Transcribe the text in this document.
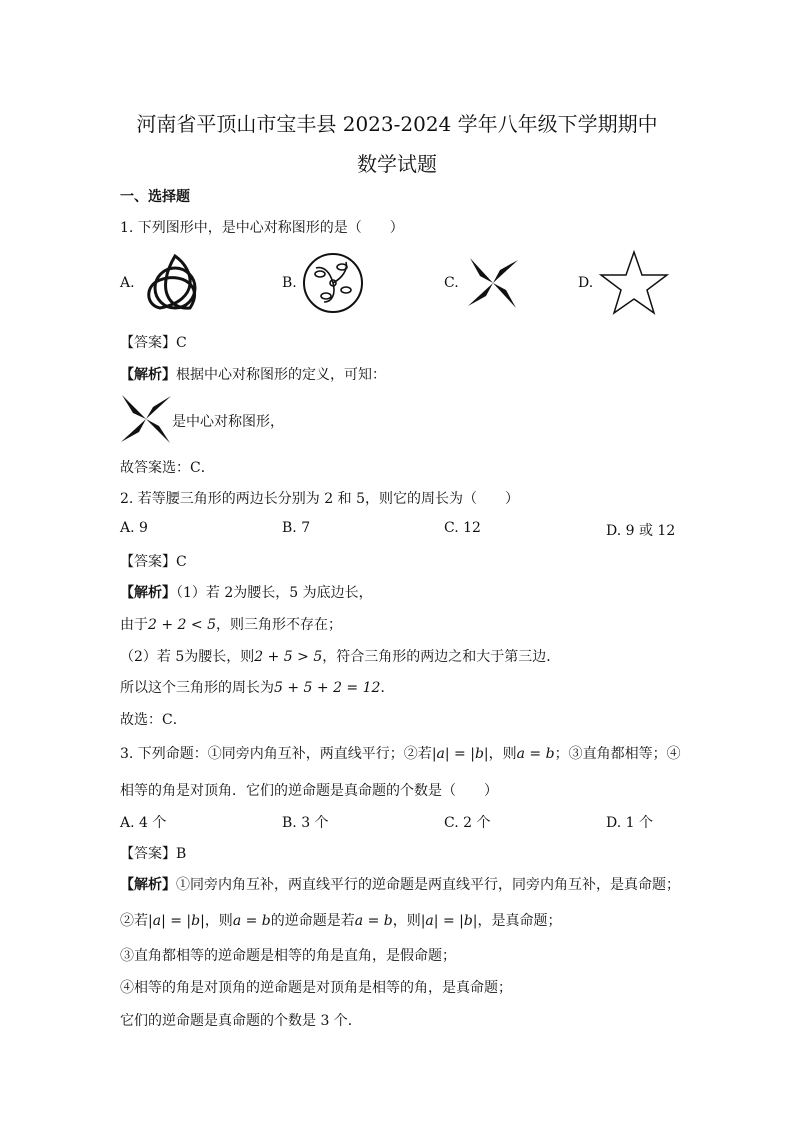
河南省平顶山市宝丰县 2023-2024 学年八年级下学期期中
数学试题
一、选择题
1. 下列图形中，是中心对称图形的是（　　）
A.	B.	C.	D.
【答案】C
【解析】根据中心对称图形的定义，可知：
是中心对称图形，
故答案选：C．
2. 若等腰三角形的两边长分别为 2 和 5，则它的周长为（　　）
A. 9	B. 7	C. 12	D. 9 或 12
【答案】C
【解析】（1）若 2为腰长，5 为底边长，
由于2 + 2 < 5，则三角形不存在；
（2）若 5为腰长，则2 + 5 > 5，符合三角形的两边之和大于第三边．
所以这个三角形的周长为5 + 5 + 2 = 12．
故选：C．
3. 下列命题：①同旁内角互补，两直线平行；②若|a| = |b|，则a = b；③直角都相等；④
相等的角是对顶角．它们的逆命题是真命题的个数是（　　）
A. 4 个	B. 3 个	C. 2 个	D. 1 个
【答案】B
【解析】①同旁内角互补，两直线平行的逆命题是两直线平行，同旁内角互补，是真命题；
②若|a| = |b|，则a = b的逆命题是若a = b，则|a| = |b|，是真命题；
③直角都相等的逆命题是相等的角是直角，是假命题；
④相等的角是对顶角的逆命题是对顶角是相等的角，是真命题；
它们的逆命题是真命题的个数是 3 个．
